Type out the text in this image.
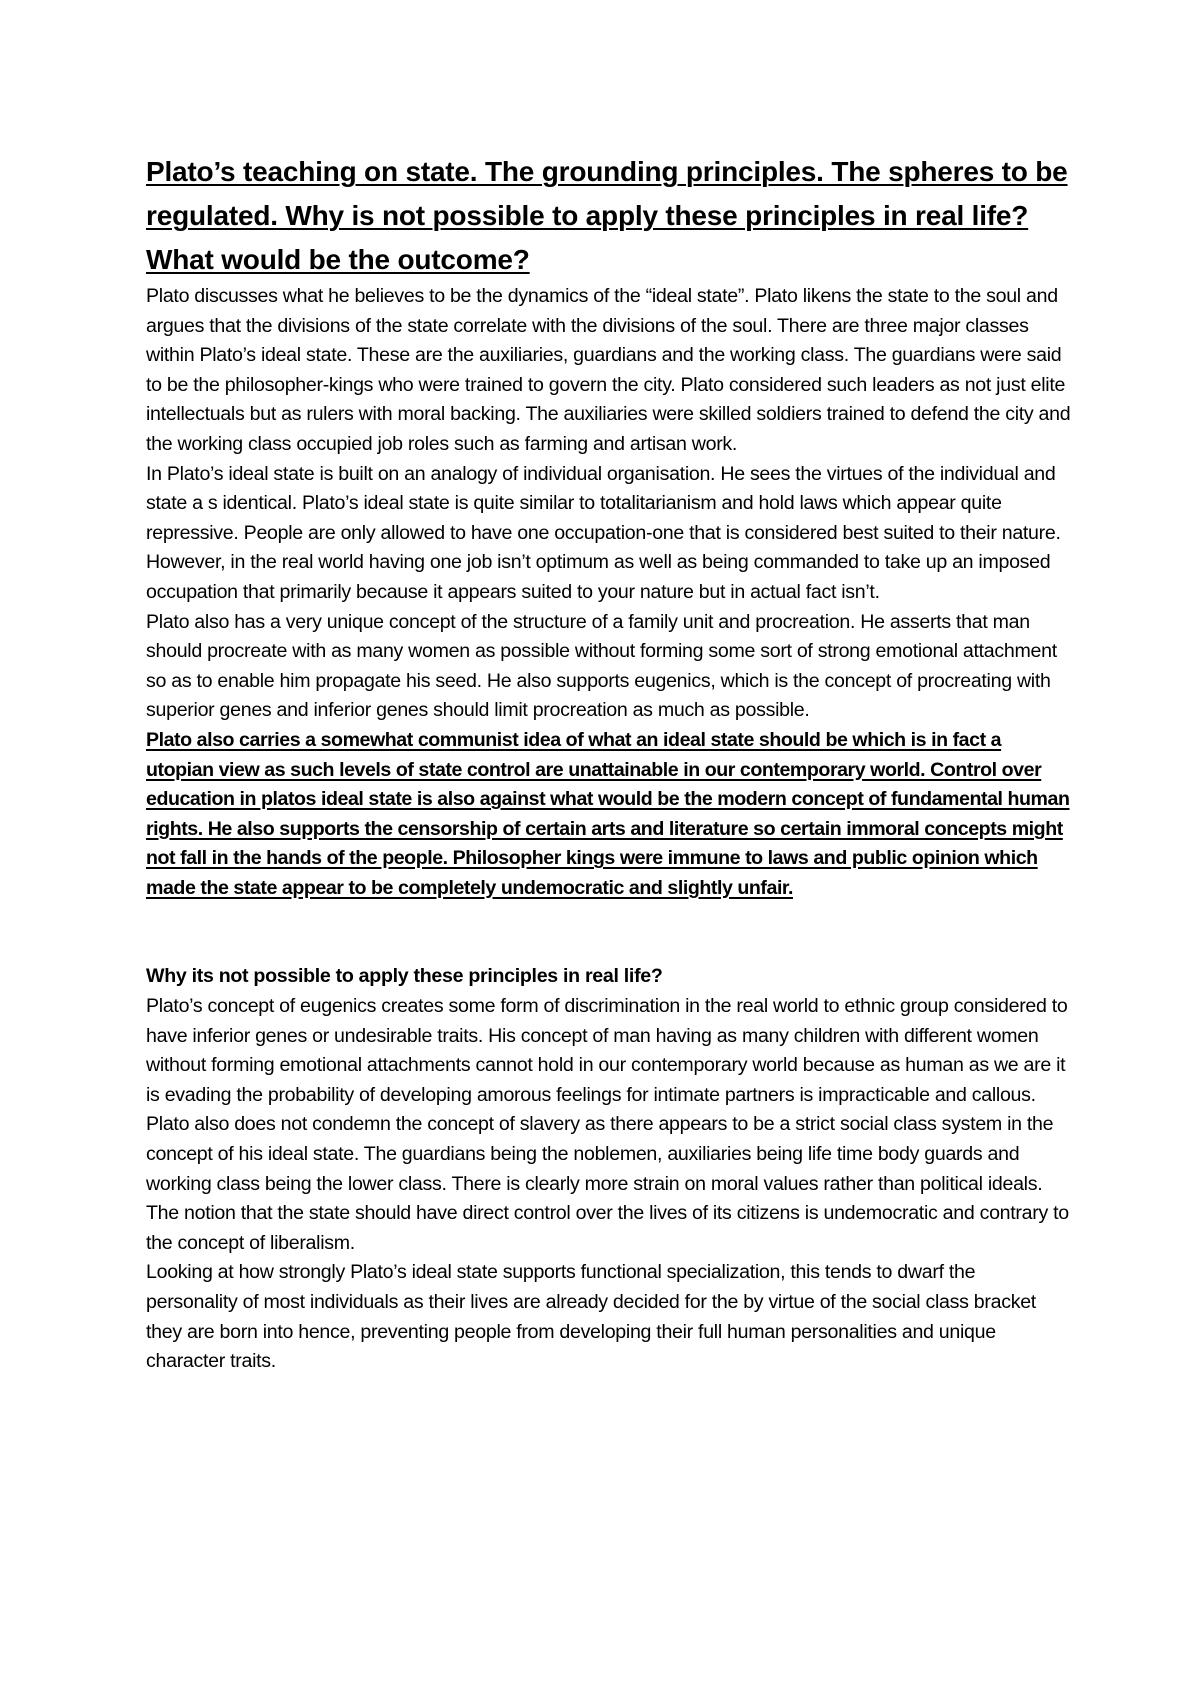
Plato’s teaching on state. The grounding principles. The spheres to be regulated. Why is not possible to apply these principles in real life? What would be the outcome?

Plato discusses what he believes to be the dynamics of the “ideal state”. Plato likens the state to the soul and argues that the divisions of the state correlate with the divisions of the soul. There are three major classes within Plato’s ideal state. These are the auxiliaries, guardians and the working class. The guardians were said to be the philosopher-kings who were trained to govern the city. Plato considered such leaders as not just elite intellectuals but as rulers with moral backing. The auxiliaries were skilled soldiers trained to defend the city and the working class occupied job roles such as farming and artisan work.

In Plato’s ideal state is built on an analogy of individual organisation. He sees the virtues of the individual and state a s identical. Plato’s ideal state is quite similar to totalitarianism and hold laws which appear quite repressive. People are only allowed to have one occupation-one that is considered best suited to their nature. However, in the real world having one job isn’t optimum as well as being commanded to take up an imposed occupation that primarily because it appears suited to your nature but in actual fact isn’t.

Plato also has a very unique concept of the structure of a family unit and procreation. He asserts that man should procreate with as many women as possible without forming some sort of strong emotional attachment so as to enable him propagate his seed. He also supports eugenics, which is the concept of procreating with superior genes and inferior genes should limit procreation as much as possible.

Plato also carries a somewhat communist idea of what an ideal state should be which is in fact a utopian view as such levels of state control are unattainable in our contemporary world. Control over education in platos ideal state is also against what would be the modern concept of fundamental human rights. He also supports the censorship of certain arts and literature so certain immoral concepts might not fall in the hands of the people. Philosopher kings were immune to laws and public opinion which made the state appear to be completely undemocratic and slightly unfair.

Why its not possible to apply these principles in real life?

Plato’s concept of eugenics creates some form of discrimination in the real world to ethnic group considered to have inferior genes or undesirable traits. His concept of man having as many children with different women without forming emotional attachments cannot hold in our contemporary world because as human as we are it is evading the probability of developing amorous feelings for intimate partners is impracticable and callous.

Plato also does not condemn the concept of slavery as there appears to be a strict social class system in the concept of his ideal state. The guardians being the noblemen, auxiliaries being life time body guards and working class being the lower class. There is clearly more strain on moral values rather than political ideals. The notion that the state should have direct control over the lives of its citizens is undemocratic and contrary to the concept of liberalism.

Looking at how strongly Plato’s ideal state supports functional specialization, this tends to dwarf the personality of most individuals as their lives are already decided for the by virtue of the social class bracket they are born into hence, preventing people from developing their full human personalities and unique character traits.
